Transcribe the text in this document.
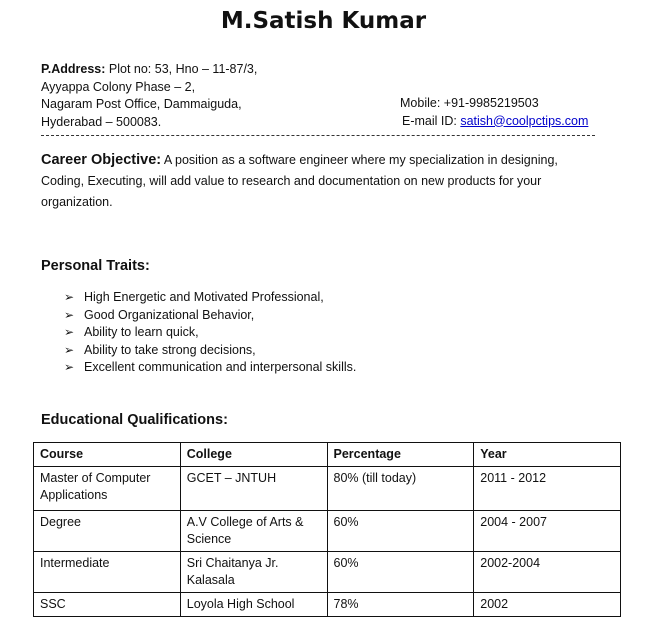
M.Satish Kumar
P.Address: Plot no: 53, Hno – 11-87/3,
Ayyappa Colony Phase – 2,
Nagaram Post Office, Dammaiguda,
Hyderabad – 500083.
Mobile: +91-9985219503
E-mail ID: satish@coolpctips.com
Career Objective: A position as a software engineer where my specialization in designing, Coding, Executing, will add value to research and documentation on new products for your organization.
Personal Traits:
➢ High Energetic and Motivated Professional,
➢ Good Organizational Behavior,
➢ Ability to learn quick,
➢ Ability to take strong decisions,
➢ Excellent communication and interpersonal skills.
Educational Qualifications:
Course	College	Percentage	Year
Master of Computer Applications	GCET – JNTUH	80% (till today)	2011 - 2012
Degree	A.V College of Arts & Science	60%	2004 - 2007
Intermediate	Sri Chaitanya Jr. Kalasala	60%	2002-2004
SSC	Loyola High School	78%	2002
